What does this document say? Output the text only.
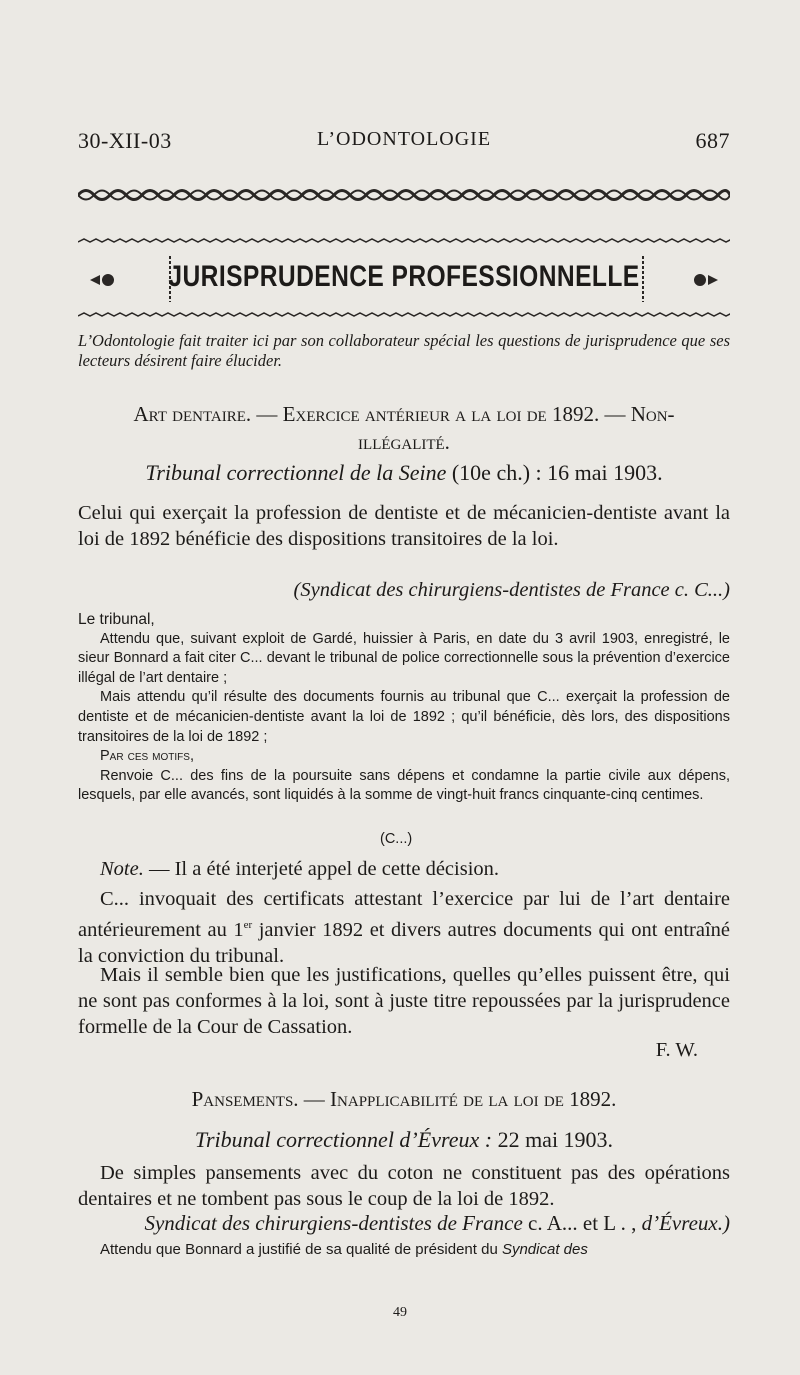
30-XII-03	L’ODONTOLOGIE	687
JURISPRUDENCE PROFESSIONNELLE
L’Odontologie fait traiter ici par son collaborateur spécial les questions de jurisprudence que ses lecteurs désirent faire élucider.
Art dentaire. — Exercice antérieur a la loi de 1892. — Non-
illégalité.
Tribunal correctionnel de la Seine (10e ch.) : 16 mai 1903.
Celui qui exerçait la profession de dentiste et de mécanicien-dentiste avant la loi de 1892 bénéficie des dispositions transitoires de la loi.
(Syndicat des chirurgiens-dentistes de France c. C...)
Le tribunal,
Attendu que, suivant exploit de Gardé, huissier à Paris, en date du 3 avril 1903, enregistré, le sieur Bonnard a fait citer C... devant le tribunal de police correctionnelle sous la prévention d’exercice illégal de l’art dentaire ;
Mais attendu qu’il résulte des documents fournis au tribunal que C... exerçait la profession de dentiste et de mécanicien-dentiste avant la loi de 1892 ; qu’il bénéficie, dès lors, des dispositions transitoires de la loi de 1892 ;
Par ces motifs,
Renvoie C... des fins de la poursuite sans dépens et condamne la partie civile aux dépens, lesquels, par elle avancés, sont liquidés à la somme de vingt-huit francs cinquante-cinq centimes.
(C...)
Note. — Il a été interjeté appel de cette décision.
C... invoquait des certificats attestant l’exercice par lui de l’art dentaire antérieurement au 1er janvier 1892 et divers autres documents qui ont entraîné la conviction du tribunal.
Mais il semble bien que les justifications, quelles qu’elles puissent être, qui ne sont pas conformes à la loi, sont à juste titre repoussées par la jurisprudence formelle de la Cour de Cassation.
F. W.
Pansements. — Inapplicabilité de la loi de 1892.
Tribunal correctionnel d’Évreux : 22 mai 1903.
De simples pansements avec du coton ne constituent pas des opérations dentaires et ne tombent pas sous le coup de la loi de 1892.
Syndicat des chirurgiens-dentistes de France c. A... et L . , d’Évreux.)
Attendu que Bonnard a justifié de sa qualité de président du Syndicat des
49
